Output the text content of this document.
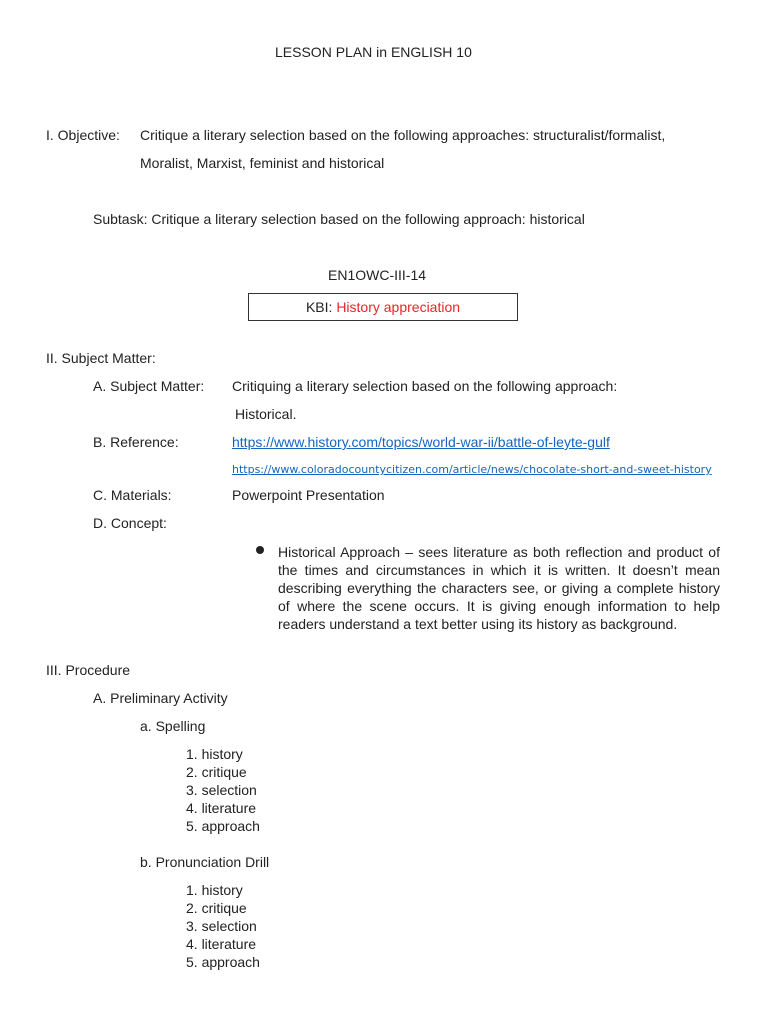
LESSON PLAN in ENGLISH 10
I. Objective: Critique a literary selection based on the following approaches: structuralist/formalist,
Moralist, Marxist, feminist and historical
Subtask: Critique a literary selection based on the following approach: historical
EN1OWC-III-14
KBI: History appreciation
II. Subject Matter:
A. Subject Matter: Critiquing a literary selection based on the following approach:
Historical.
B. Reference:	https://www.history.com/topics/world-war-ii/battle-of-leyte-gulf
https://www.coloradocountycitizen.com/article/news/chocolate-short-and-sweet-history
C. Materials:	Powerpoint Presentation
D. Concept:
Historical Approach – sees literature as both reflection and product of the times and circumstances in which it is written. It doesn’t mean describing everything the characters see, or giving a complete history of where the scene occurs. It is giving enough information to help readers understand a text better using its history as background.
III. Procedure
A. Preliminary Activity
a. Spelling
1. history
2. critique
3. selection
4. literature
5. approach
b. Pronunciation Drill
1. history
2. critique
3. selection
4. literature
5. approach
